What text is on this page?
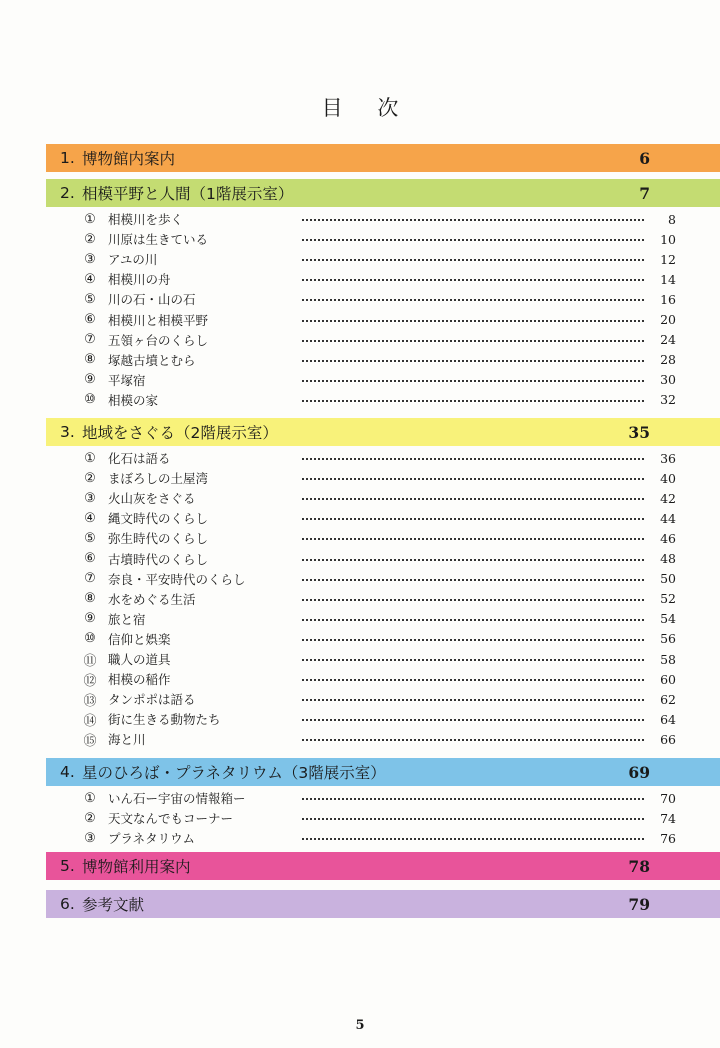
目 次
1. 博物館内案内	6
2. 相模平野と人間（1階展示室）	7
① 相模川を歩く	8
② 川原は生きている	10
③ アユの川	12
④ 相模川の舟	14
⑤ 川の石・山の石	16
⑥ 相模川と相模平野	20
⑦ 五領ヶ台のくらし	24
⑧ 塚越古墳とむら	28
⑨ 平塚宿	30
⑩ 相模の家	32
3. 地域をさぐる（2階展示室）	35
① 化石は語る	36
② まぼろしの土屋湾	40
③ 火山灰をさぐる	42
④ 縄文時代のくらし	44
⑤ 弥生時代のくらし	46
⑥ 古墳時代のくらし	48
⑦ 奈良・平安時代のくらし	50
⑧ 水をめぐる生活	52
⑨ 旅と宿	54
⑩ 信仰と娯楽	56
⑪ 職人の道具	58
⑫ 相模の稲作	60
⑬ タンポポは語る	62
⑭ 街に生きる動物たち	64
⑮ 海と川	66
4. 星のひろば・プラネタリウム（3階展示室）	69
① いん石ー宇宙の情報箱ー	70
② 天文なんでもコーナー	74
③ プラネタリウム	76
5. 博物館利用案内	78
6. 参考文献	79
5
